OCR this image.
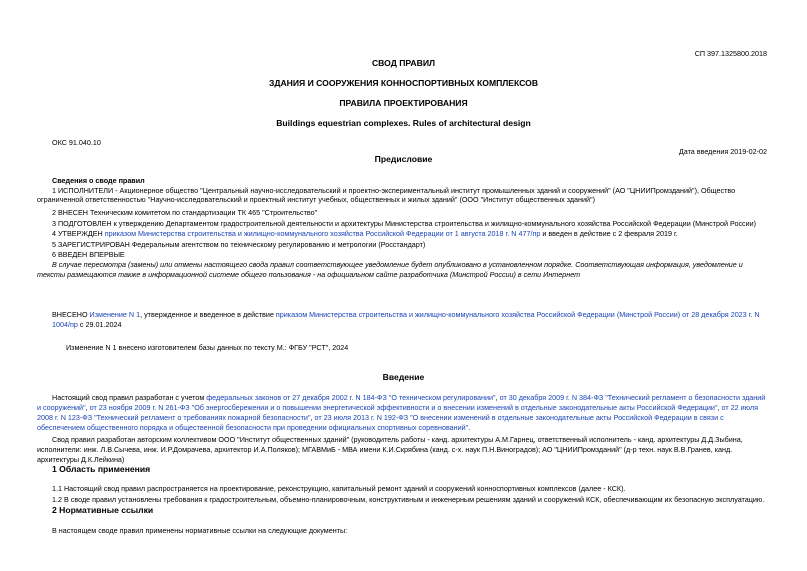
СП 397.1325800.2018
СВОД ПРАВИЛ
ЗДАНИЯ И СООРУЖЕНИЯ КОННОСПОРТИВНЫХ КОМПЛЕКСОВ
ПРАВИЛА ПРОЕКТИРОВАНИЯ
Buildings equestrian complexes. Rules of architectural design
ОКС 91.040.10
Дата введения 2019-02-02
Предисловие
Сведения о своде правил
1 ИСПОЛНИТЕЛИ - Акционерное общество "Центральный научно-исследовательский и проектно-экспериментальный институт промышленных зданий и сооружений" (АО "ЦНИИПромзданий"), Общество
ограниченной ответственностью "Научно-исследовательский и проектный институт учебных, общественных и жилых зданий" (ООО "Институт общественных зданий")
2 ВНЕСЕН Техническим комитетом по стандартизации ТК 465 "Строительство"
3 ПОДГОТОВЛЕН к утверждению Департаментом градостроительной деятельности и архитектуры Министерства строительства и жилищно-коммунального хозяйства Российской Федерации (Минстрой России)
4 УТВЕРЖДЕН приказом Министерства строительства и жилищно-коммунального хозяйства Российской Федерации от 1 августа 2018 г. N 477/пр и введен в действие с 2 февраля 2019 г.
5 ЗАРЕГИСТРИРОВАН Федеральным агентством по техническому регулированию и метрологии (Росстандарт)
6 ВВЕДЕН ВПЕРВЫЕ
В случае пересмотра (замены) или отмены настоящего свода правил соответствующее уведомление будет опубликовано в установленном порядке. Соответствующая информация, уведомление и
тексты размещаются также в информационной системе общего пользования - на официальном сайте разработчика (Минстрой России) в сети Интернет
ВНЕСЕНО Изменение N 1, утвержденное и введенное в действие приказом Министерства строительства и жилищно-коммунального хозяйства Российской Федерации (Минстрой России) от 28 декабря 2023 г. N
1004/пр с 29.01.2024
Изменение N 1 внесено изготовителем базы данных по тексту М.: ФГБУ "РСТ", 2024
Введение
Настоящий свод правил разработан с учетом федеральных законов от 27 декабря 2002 г. N 184-ФЗ "О техническом регулировании", от 30 декабря 2009 г. N 384-ФЗ "Технический регламент о безопасности зданий
и сооружений", от 23 ноября 2009 г. N 261-ФЗ "Об энергосбережении и о повышении энергетической эффективности и о внесении изменений в отдельные законодательные акты Российской Федерации", от 22 июля
2008 г. N 123-ФЗ "Технический регламент о требованиях пожарной безопасности", от 23 июля 2013 г. N 192-ФЗ "О внесении изменений в отдельные законодательные акты Российской Федерации в связи с
обеспечением общественного порядка и общественной безопасности при проведении официальных спортивных соревнований".
Свод правил разработан авторским коллективом ООО "Институт общественных зданий" (руководитель работы - канд. архитектуры А.М.Гарнец, ответственный исполнитель - канд. архитектуры Д.Д.Зыбина,
исполнители: инж. Л.В.Сычева, инж. И.Р.Домрачева, архитектор И.А.Поляков); МГАВМиБ - МВА имени К.И.Скрябина (канд. с-х. наук П.Н.Виноградов); АО "ЦНИИПромзданий" (д-р техн. наук В.В.Гранев, канд.
архитектуры Д.К.Лейкина)
1 Область применения
1.1 Настоящий свод правил распространяется на проектирование, реконструкцию, капитальный ремонт зданий и сооружений конноспортивных комплексов (далее - КСК).
1.2 В своде правил установлены требования к градостроительным, объемно-планировочным, конструктивным и инженерным решениям зданий и сооружений КСК, обеспечивающим их безопасную эксплуатацию.
2 Нормативные ссылки
В настоящем своде правил применены нормативные ссылки на следующие документы:
